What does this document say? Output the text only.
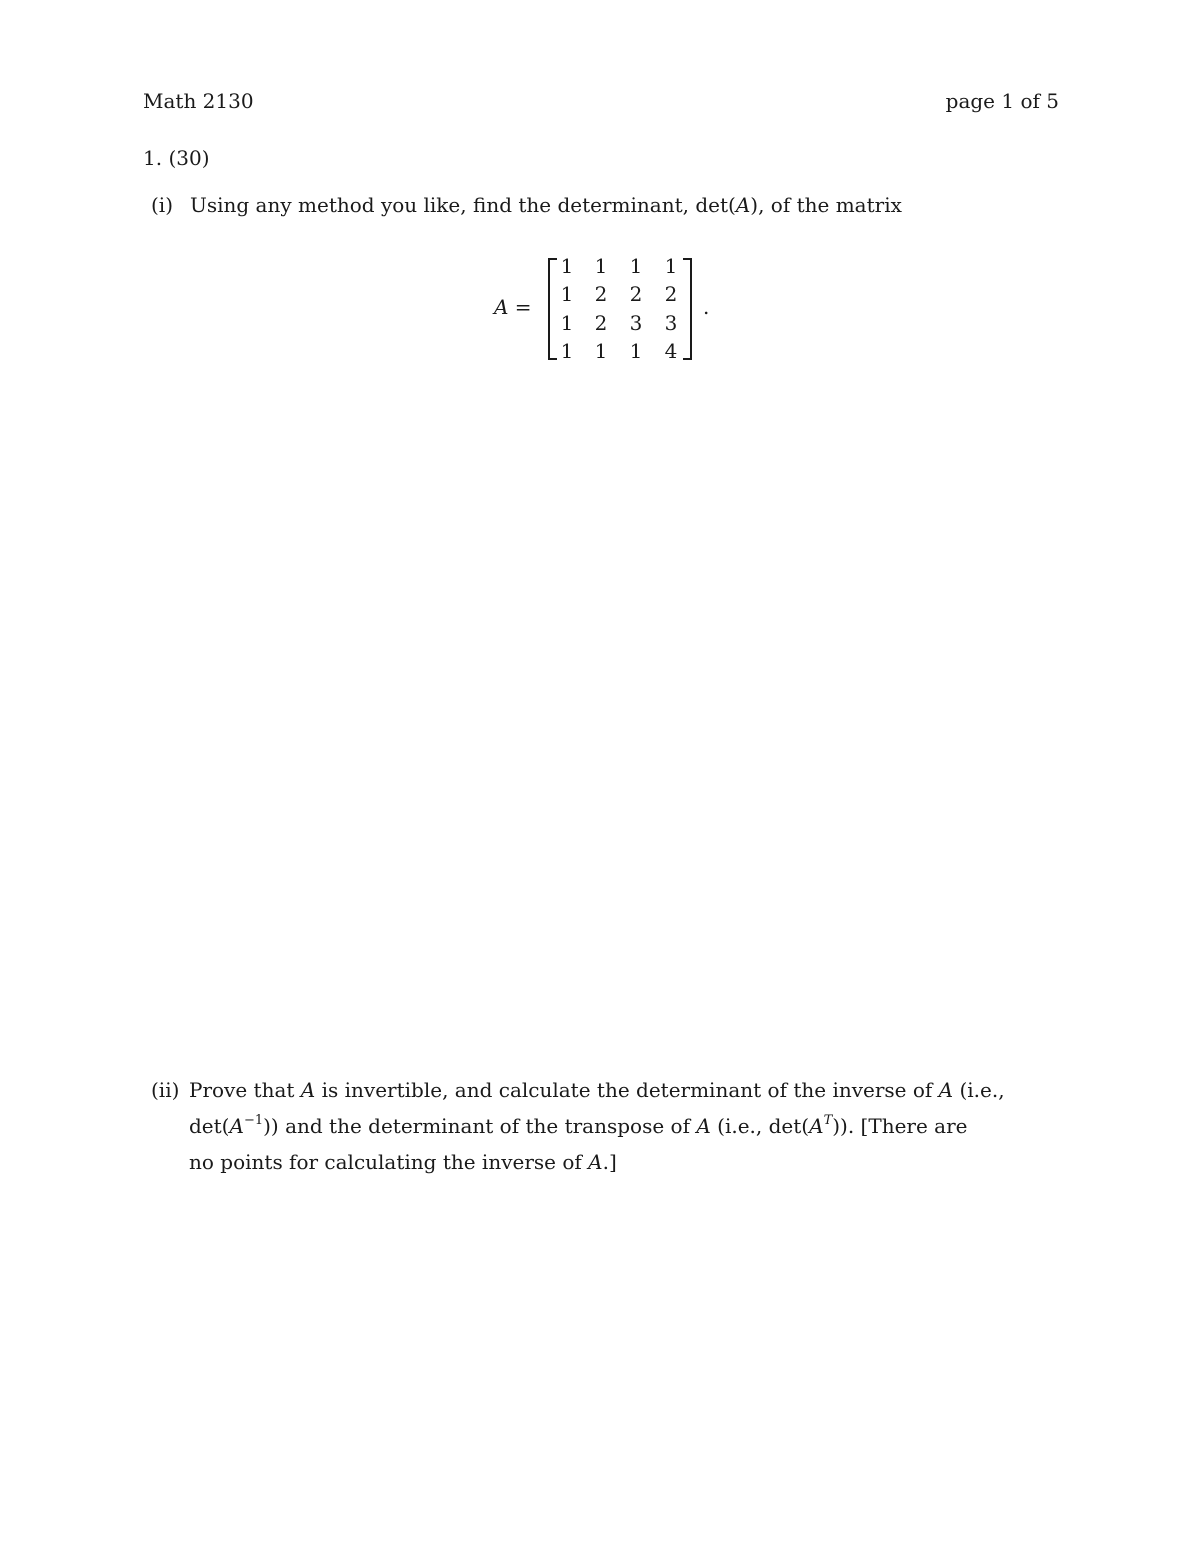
Math 2130	page 1 of 5
1. (30)
(i) Using any method you like, find the determinant, det(A), of the matrix
A =
1 1 1 1
1 2 2 2
1 2 3 3
1 1 1 4
.
(ii) Prove that A is invertible, and calculate the determinant of the inverse of A (i.e.,
$\det(A^{-1})$) and the determinant of the transpose of A (i.e., $\det(A^T)$). [There are
no points for calculating the inverse of A.]
